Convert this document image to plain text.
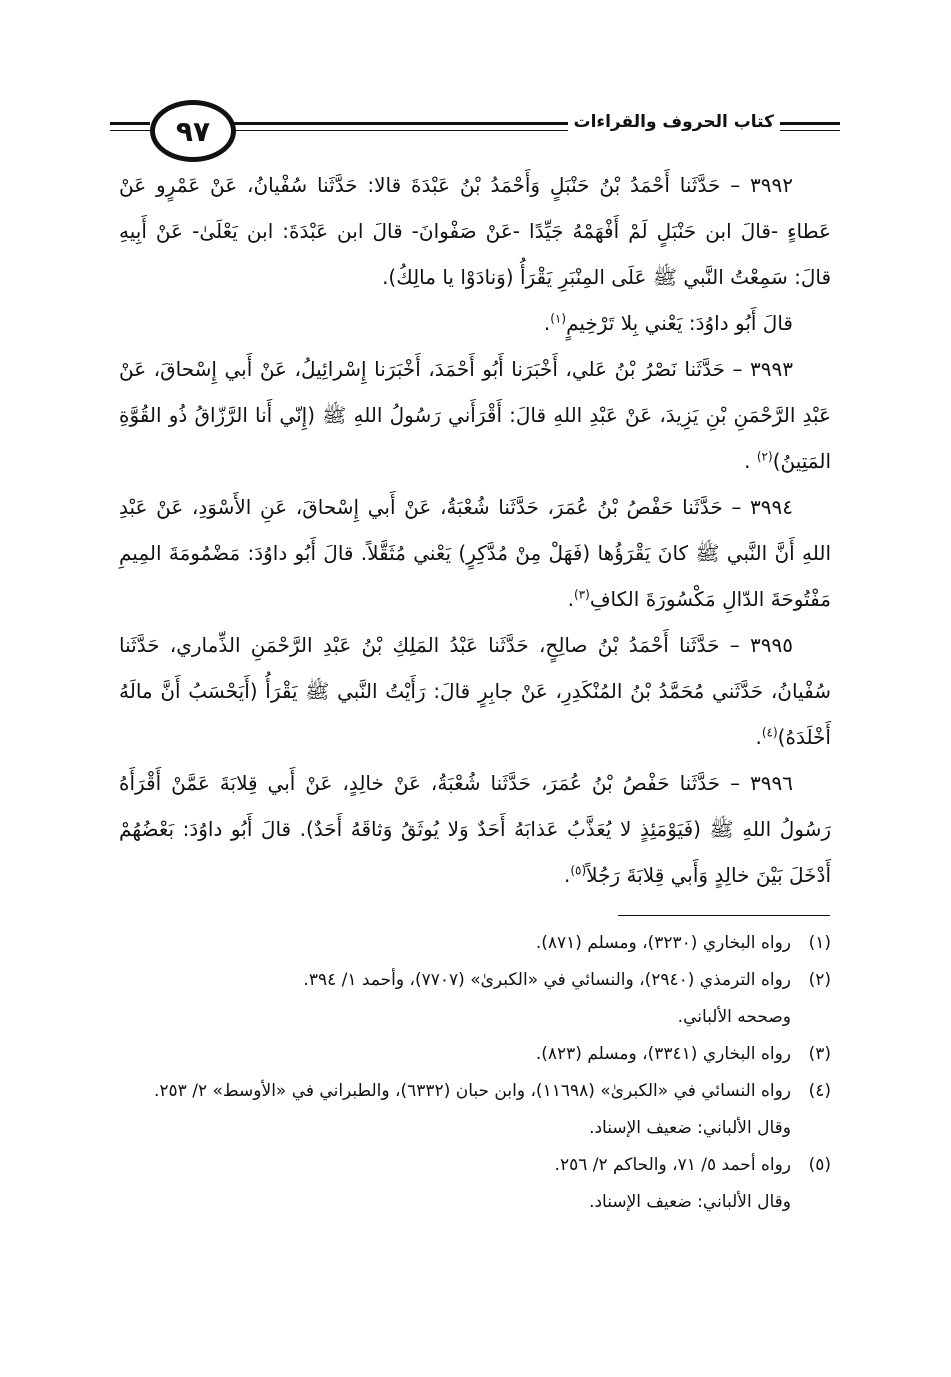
٩٧	كتاب الحروف والقراءات

٣٩٩٢ – حَدَّثَنا أَحْمَدُ بْنُ حَنْبَلٍ وَأَحْمَدُ بْنُ عَبْدَةَ قالا: حَدَّثَنا سُفْيانُ، عَنْ عَمْرٍو عَنْ عَطاءٍ -قالَ ابن حَنْبَلٍ لَمْ أَفْهَمْهُ جَيِّدًا -عَنْ صَفْوانَ- قالَ ابن عَبْدَةَ: ابن يَعْلَىٰ- عَنْ أَبِيهِ قالَ: سَمِعْتُ النَّبي ﷺ عَلَى المِنْبَرِ يَقْرَأُ (وَنادَوْا يا مالِكُ).

قالَ أَبُو داوُدَ: يَعْني بِلا تَرْخِيمٍ$^{(١)}$.

٣٩٩٣ – حَدَّثَنا نَصْرُ بْنُ عَلي، أَخْبَرَنا أَبُو أَحْمَدَ، أَخْبَرَنا إِسْرائِيلُ، عَنْ أَبي إِسْحاقَ، عَنْ عَبْدِ الرَّحْمَنِ بْنِ يَزِيدَ، عَنْ عَبْدِ اللهِ قالَ: أَقْرَأَني رَسُولُ اللهِ ﷺ (إِنّي أَنا الرَّزّاقُ ذُو القُوَّةِ المَتِينُ)$^{(٢)}$ .

٣٩٩٤ – حَدَّثَنا حَفْصُ بْنُ عُمَرَ، حَدَّثَنا شُعْبَةُ، عَنْ أَبي إِسْحاقَ، عَنِ الأَسْوَدِ، عَنْ عَبْدِ اللهِ أَنَّ النَّبي ﷺ كانَ يَقْرَؤُها (فَهَلْ مِنْ مُدَّكِرٍ) يَعْني مُثَقَّلاً. قالَ أَبُو داوُدَ: مَضْمُومَةَ المِيمِ مَفْتُوحَةَ الدّالِ مَكْسُورَةَ الكافِ$^{(٣)}$.

٣٩٩٥ – حَدَّثَنا أَحْمَدُ بْنُ صالِحٍ، حَدَّثَنا عَبْدُ المَلِكِ بْنُ عَبْدِ الرَّحْمَنِ الذِّماري، حَدَّثَنا سُفْيانُ، حَدَّثَني مُحَمَّدُ بْنُ المُنْكَدِرِ، عَنْ جابِرٍ قالَ: رَأَيْتُ النَّبي ﷺ يَقْرَأُ (أَيَحْسَبُ أَنَّ مالَهُ أَخْلَدَهُ)$^{(٤)}$.

٣٩٩٦ – حَدَّثَنا حَفْصُ بْنُ عُمَرَ، حَدَّثَنا شُعْبَةُ، عَنْ خالِدٍ، عَنْ أَبي قِلابَةَ عَمَّنْ أَقْرَأَهُ رَسُولُ اللهِ ﷺ (فَيَوْمَئِذٍ لا يُعَذَّبُ عَذابَهُ أَحَدٌ وَلا يُوثَقُ وَثاقَهُ أَحَدٌ). قالَ أَبُو داوُدَ: بَعْضُهُمْ أَدْخَلَ بَيْنَ خالِدٍ وَأَبي قِلابَةَ رَجُلاً$^{(٥)}$.

(١)
رواه البخاري (٣٢٣٠)، ومسلم (٨٧١).
(٢)
رواه الترمذي (٢٩٤٠)، والنسائي في «الكبرىٰ» (٧٧٠٧)، وأحمد ١/ ٣٩٤.
وصححه الألباني.
(٣)
رواه البخاري (٣٣٤١)، ومسلم (٨٢٣).
(٤)
رواه النسائي في «الكبرىٰ» (١١٦٩٨)، وابن حبان (٦٣٣٢)، والطبراني في «الأوسط» ٢/ ٢٥٣.
وقال الألباني: ضعيف الإسناد.
(٥)
رواه أحمد ٥/ ٧١، والحاكم ٢/ ٢٥٦.
وقال الألباني: ضعيف الإسناد.
